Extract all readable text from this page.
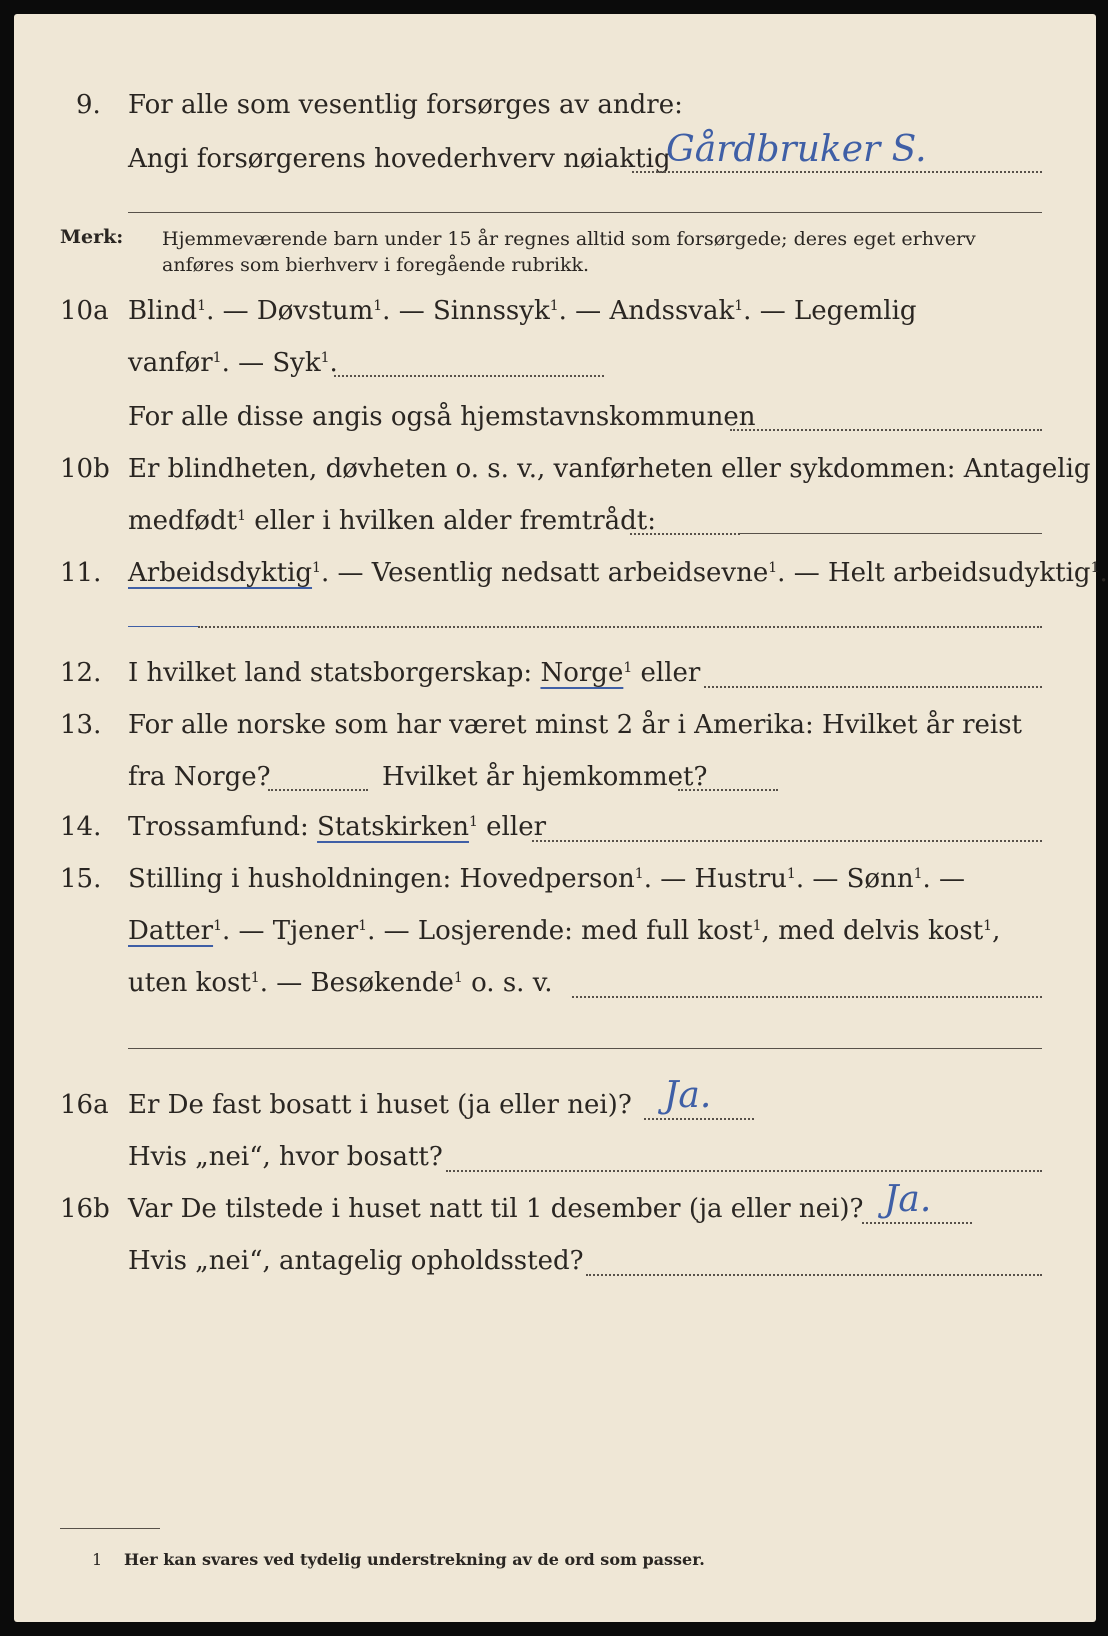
9. For alle som vesentlig forsørges av andre:
Angi forsørgerens hovederhverv nøiaktig
Gårdbruker S.
Merk: Hjemmeværende barn under 15 år regnes alltid som forsørgede; deres eget erhverv
anføres som bierhverv i foregående rubrikk.
10a Blind$^1$. — Døvstum$^1$. — Sinnssyk$^1$. — Andssvak$^1$. — Legemlig
vanfør$^1$. — Syk$^1$.
For alle disse angis også hjemstavnskommunen
10b Er blindheten, døvheten o. s. v., vanførheten eller sykdommen: Antagelig
medfødt$^1$ eller i hvilken alder fremtrådt:
11. Arbeidsdyktig$^1$. — Vesentlig nedsatt arbeidsevne$^1$. — Helt arbeidsudyktig$^1$.
12. I hvilket land statsborgerskap: Norge$^1$ eller
13. For alle norske som har været minst 2 år i Amerika: Hvilket år reist
fra Norge?	Hvilket år hjemkommet?
14. Trossamfund: Statskirken$^1$ eller
15. Stilling i husholdningen: Hovedperson$^1$. — Hustru$^1$. — Sønn$^1$. —
Datter$^1$. — Tjener$^1$. — Losjerende: med full kost$^1$, med delvis kost$^1$,
uten kost$^1$. — Besøkende$^1$ o. s. v.
16a Er De fast bosatt i huset (ja eller nei)? Ja.
Hvis „nei“, hvor bosatt?
16b Var De tilstede i huset natt til 1 desember (ja eller nei)? Ja.
Hvis „nei“, antagelig opholdssted?
1 Her kan svares ved tydelig understrekning av de ord som passer.
